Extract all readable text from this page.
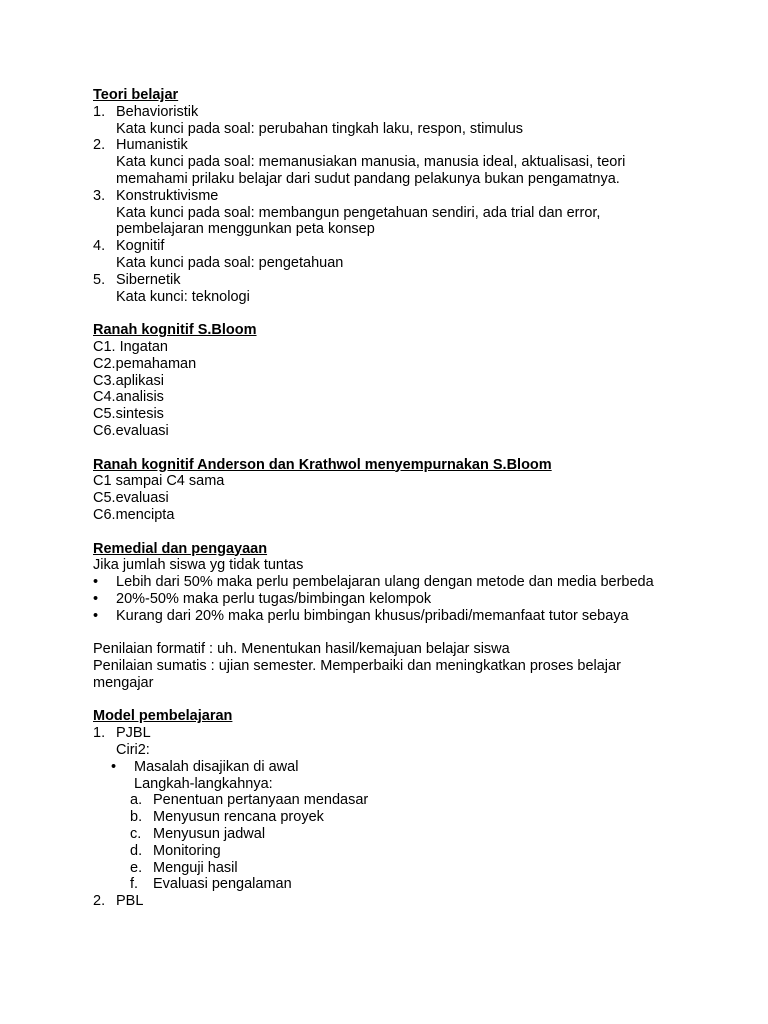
Teori belajar
1. Behavioristik
Kata kunci pada soal: perubahan tingkah laku, respon, stimulus
2. Humanistik
Kata kunci pada soal: memanusiakan manusia, manusia ideal, aktualisasi, teori memahami prilaku belajar dari sudut pandang pelakunya bukan pengamatnya.
3. Konstruktivisme
Kata kunci pada soal: membangun pengetahuan sendiri, ada trial dan error, pembelajaran menggunkan peta konsep
4. Kognitif
Kata kunci pada soal: pengetahuan
5. Sibernetik
Kata kunci: teknologi
Ranah kognitif S.Bloom
C1. Ingatan
C2.pemahaman
C3.aplikasi
C4.analisis
C5.sintesis
C6.evaluasi
Ranah kognitif Anderson dan Krathwol menyempurnakan S.Bloom
C1 sampai C4 sama
C5.evaluasi
C6.mencipta
Remedial dan pengayaan
Jika jumlah siswa yg tidak tuntas
• Lebih dari 50% maka perlu pembelajaran ulang dengan metode dan media berbeda
• 20%-50% maka perlu tugas/bimbingan kelompok
• Kurang dari 20% maka perlu bimbingan khusus/pribadi/memanfaat tutor sebaya
Penilaian formatif : uh. Menentukan hasil/kemajuan belajar siswa
Penilaian sumatis : ujian semester. Memperbaiki dan meningkatkan proses belajar mengajar
Model pembelajaran
1. PJBL
Ciri2:
• Masalah disajikan di awal
Langkah-langkahnya:
a. Penentuan pertanyaan mendasar
b. Menyusun rencana proyek
c. Menyusun jadwal
d. Monitoring
e. Menguji hasil
f. Evaluasi pengalaman
2. PBL
